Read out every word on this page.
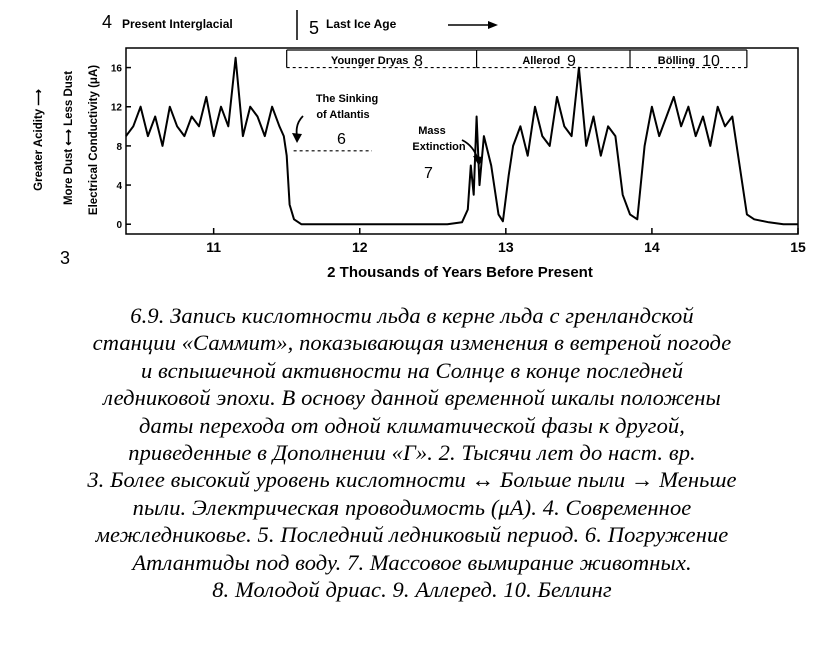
4 Present Interglacial	5 Last Ice Age
Greater Acidity ⟶ More Dust ⟷ Less Dust Electrical Conductivity (μA)
3
2 Thousands of Years Before Present
11	12	13	14	15
0
4
8
12
16
Younger Dryas 8	Allerod 9	Bölling 10
The Sinking
of Atlantis
6	Mass
Extinction
7
6.9. Запись кислотности льда в керне льда с гренландской
станции «Саммит», показывающая изменения в ветреной погоде
и вспышечной активности на Солнце в конце последней
ледниковой эпохи. В основу данной временной шкалы положены
даты перехода от одной климатической фазы к другой,
приведенные в Дополнении «Г». 2. Тысячи лет до наст. вр.
3. Более высокий уровень кислотности ↔ Больше пыли → Меньше
пыли. Электрическая проводимость (μА). 4. Современное
межледниковье. 5. Последний ледниковый период. 6. Погружение
Атлантиды под воду. 7. Массовое вымирание животных.
8. Молодой дриас. 9. Аллеред. 10. Беллинг
